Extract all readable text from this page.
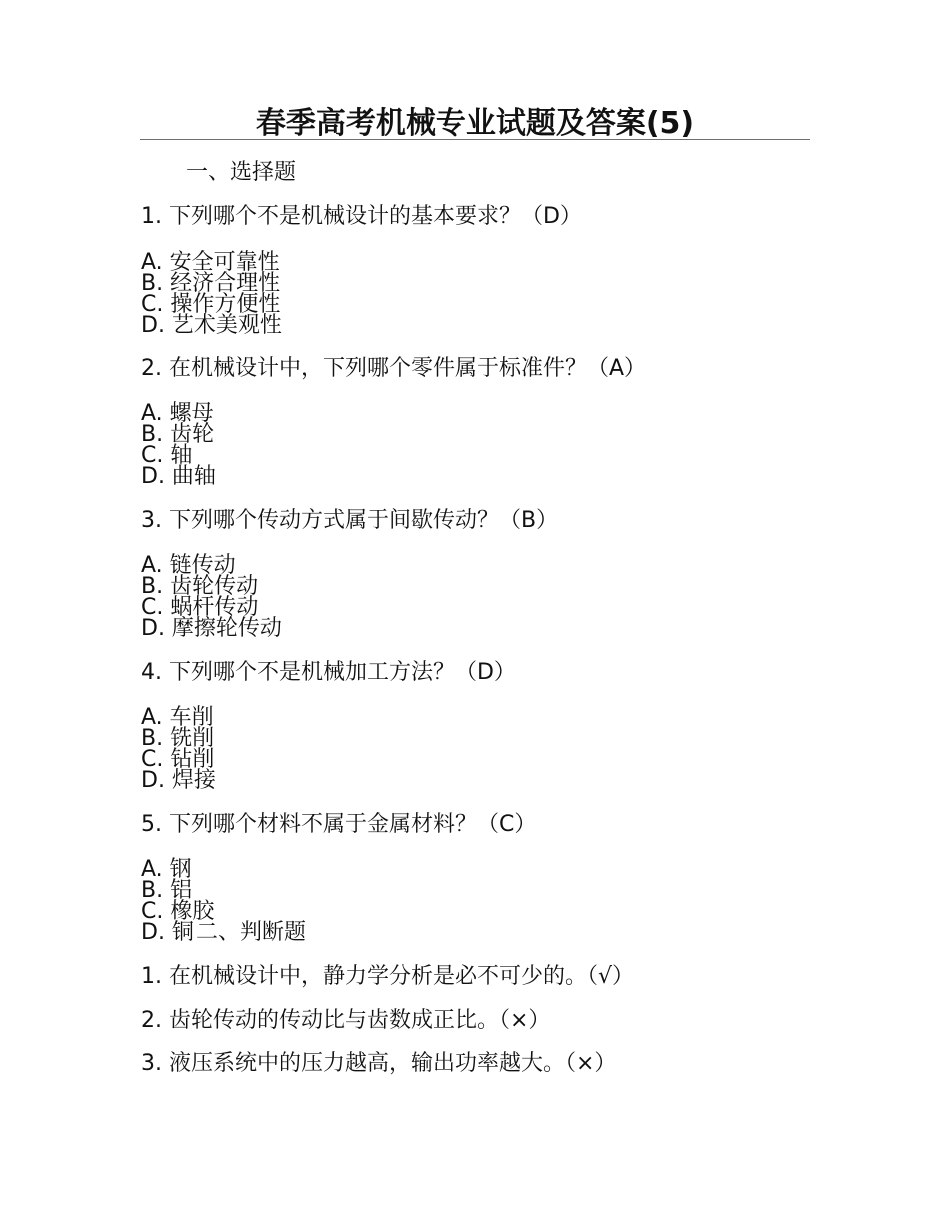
春季高考机械专业试题及答案(5)
一、选择题
1. 下列哪个不是机械设计的基本要求？（D）
A. 安全可靠性
B. 经济合理性
C. 操作方便性
D. 艺术美观性
2. 在机械设计中，下列哪个零件属于标准件？（A）
A. 螺母
B. 齿轮
C. 轴
D. 曲轴
3. 下列哪个传动方式属于间歇传动？（B）
A. 链传动
B. 齿轮传动
C. 蜗杆传动
D. 摩擦轮传动
4. 下列哪个不是机械加工方法？（D）
A. 车削
B. 铣削
C. 钻削
D. 焊接
5. 下列哪个材料不属于金属材料？（C）
A. 钢
B. 铝
C. 橡胶
D. 铜二、判断题
1. 在机械设计中，静力学分析是必不可少的。（√）
2. 齿轮传动的传动比与齿数成正比。（×）
3. 液压系统中的压力越高，输出功率越大。（×）
